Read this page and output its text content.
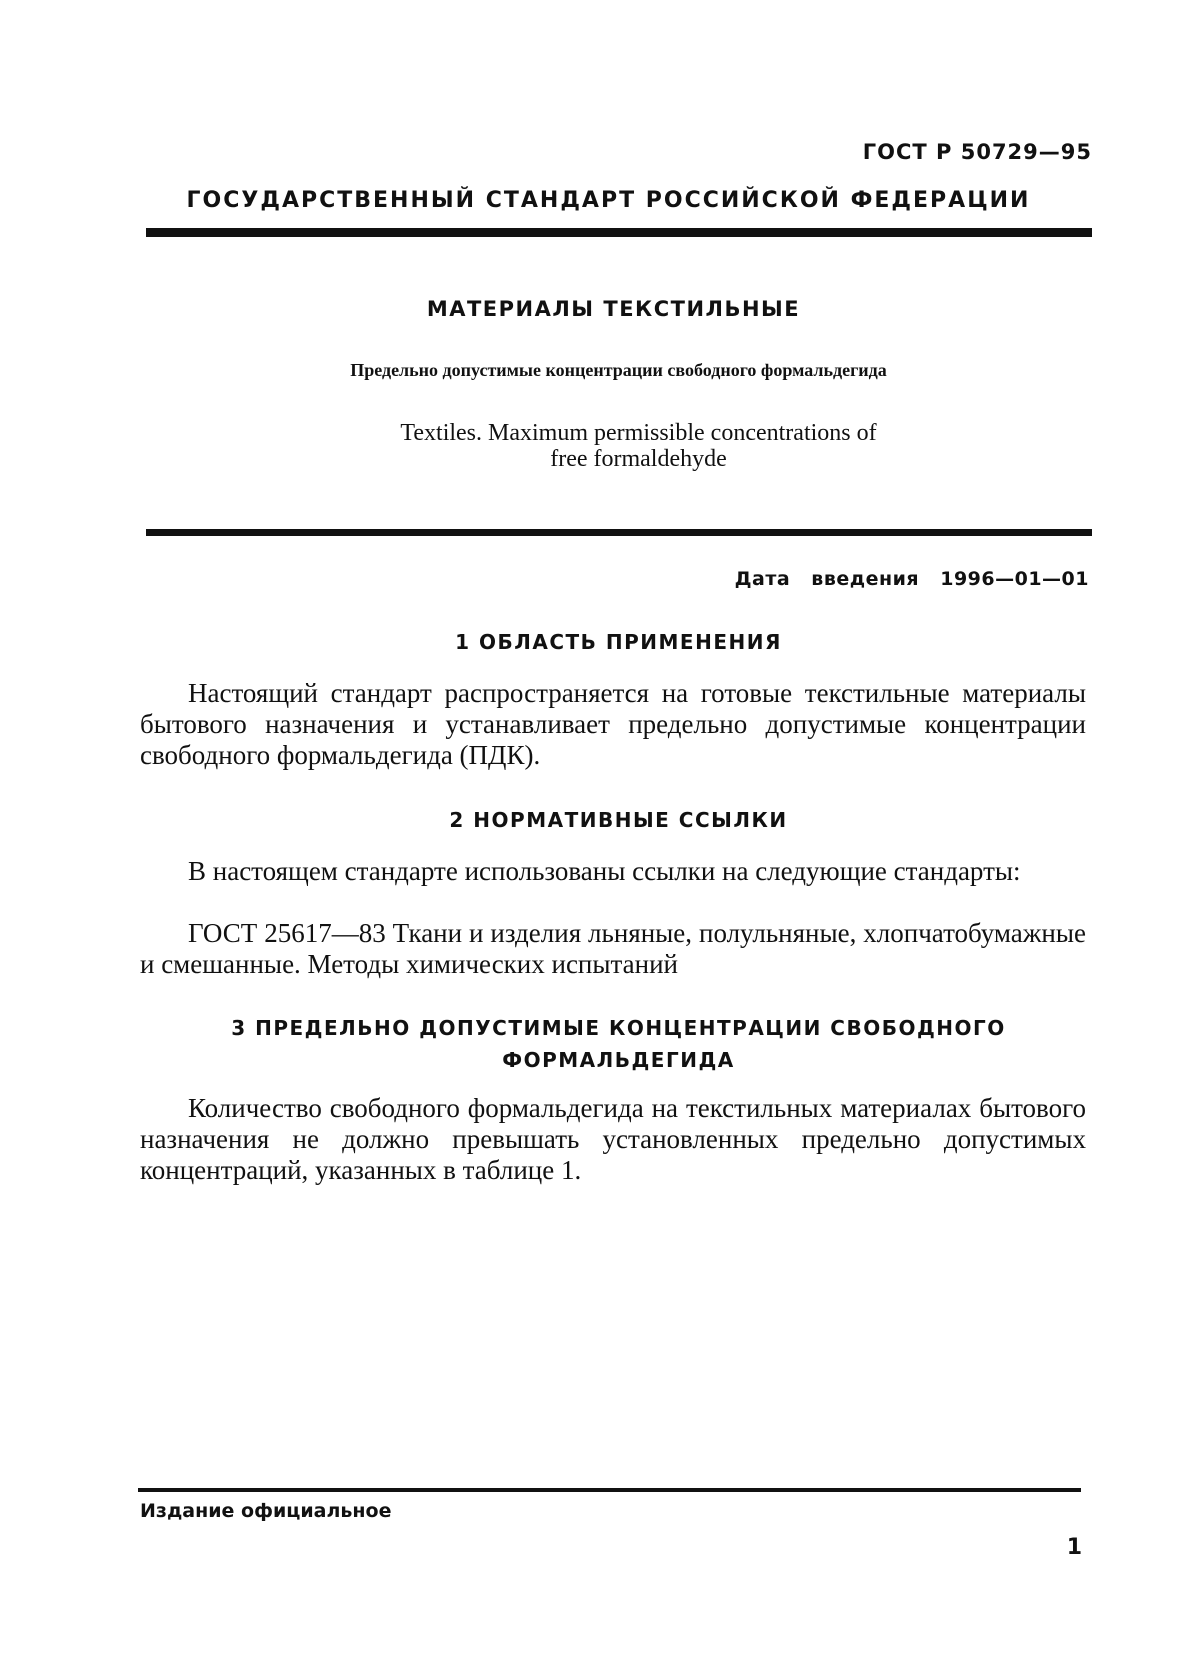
ГОСТ Р 50729—95
ГОСУДАРСТВЕННЫЙ СТАНДАРТ РОССИЙСКОЙ ФЕДЕРАЦИИ
МАТЕРИАЛЫ ТЕКСТИЛЬНЫЕ
Предельно допустимые концентрации свободного формальдегида
Textiles. Maximum permissible concentrations of
free formaldehyde
Дата введения 1996—01—01
1 ОБЛАСТЬ ПРИМЕНЕНИЯ
Настоящий стандарт распространяется на готовые текстильные материалы бытового назначения и устанавливает предельно допустимые концентрации свободного формальдегида (ПДК).
2 НОРМАТИВНЫЕ ССЫЛКИ
В настоящем стандарте использованы ссылки на следующие стандарты:
ГОСТ 25617—83 Ткани и изделия льняные, полульняные, хлопчатобумажные и смешанные. Методы химических испытаний
3 ПРЕДЕЛЬНО ДОПУСТИМЫЕ КОНЦЕНТРАЦИИ СВОБОДНОГО
ФОРМАЛЬДЕГИДА
Количество свободного формальдегида на текстильных материалах бытового назначения не должно превышать установленных предельно допустимых концентраций, указанных в таблице 1.
Издание официальное
1
